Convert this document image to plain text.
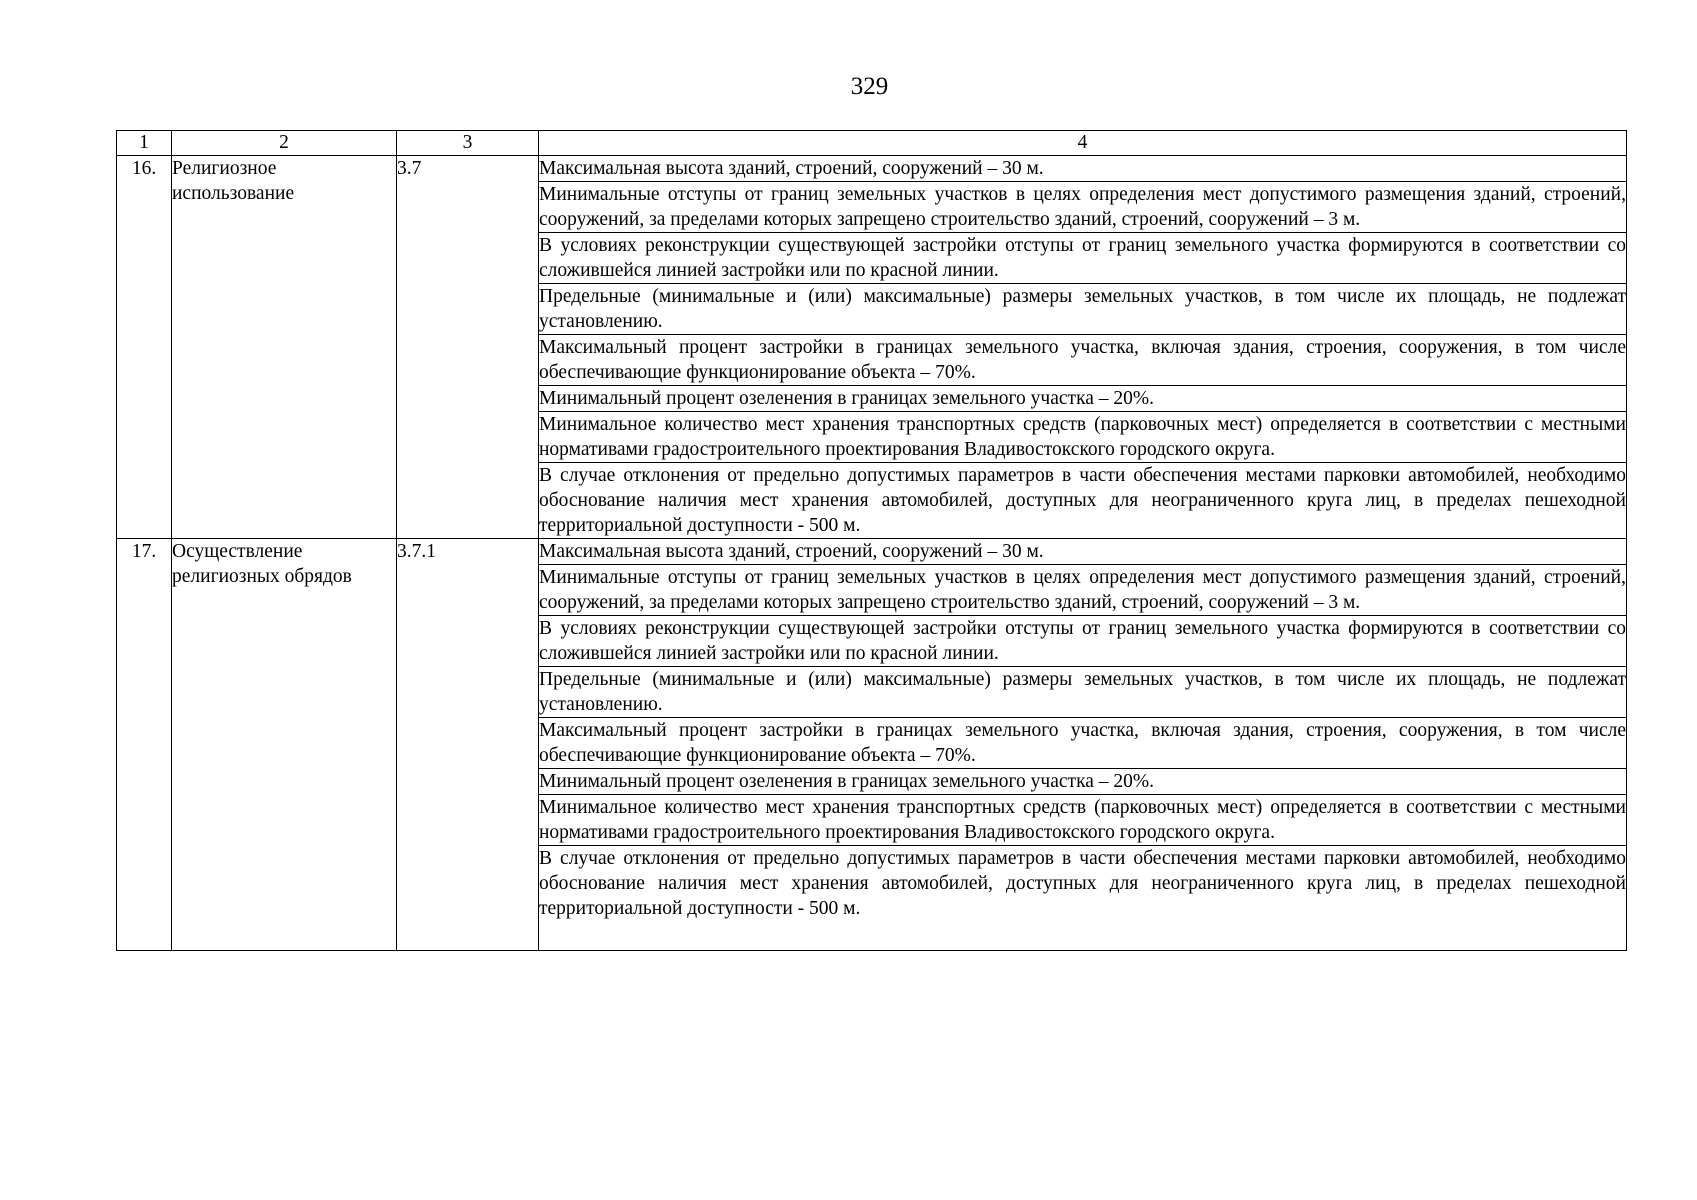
329
1	2	3	4
16.	Религиозное использование	3.7	Максимальная высота зданий, строений, сооружений – 30 м.
			Минимальные отступы от границ земельных участков в целях определения мест допустимого размещения зданий, строений, сооружений, за пределами которых запрещено строительство зданий, строений, сооружений – 3 м.
			В условиях реконструкции существующей застройки отступы от границ земельного участка формируются в соответствии со сложившейся линией застройки или по красной линии.
			Предельные (минимальные и (или) максимальные) размеры земельных участков, в том числе их площадь, не подлежат установлению.
			Максимальный процент застройки в границах земельного участка, включая здания, строения, сооружения, в том числе обеспечивающие функционирование объекта – 70%.
			Минимальный процент озеленения в границах земельного участка – 20%.
			Минимальное количество мест хранения транспортных средств (парковочных мест) определяется в соответствии с местными нормативами градостроительного проектирования Владивостокского городского округа.
			В случае отклонения от предельно допустимых параметров в части обеспечения местами парковки автомобилей, необходимо обоснование наличия мест хранения автомобилей, доступных для неограниченного круга лиц, в пределах пешеходной территориальной доступности - 500 м.
17.	Осуществление религиозных обрядов	3.7.1	Максимальная высота зданий, строений, сооружений – 30 м.
			Минимальные отступы от границ земельных участков в целях определения мест допустимого размещения зданий, строений, сооружений, за пределами которых запрещено строительство зданий, строений, сооружений – 3 м.
			В условиях реконструкции существующей застройки отступы от границ земельного участка формируются в соответствии со сложившейся линией застройки или по красной линии.
			Предельные (минимальные и (или) максимальные) размеры земельных участков, в том числе их площадь, не подлежат установлению.
			Максимальный процент застройки в границах земельного участка, включая здания, строения, сооружения, в том числе обеспечивающие функционирование объекта – 70%.
			Минимальный процент озеленения в границах земельного участка – 20%.
			Минимальное количество мест хранения транспортных средств (парковочных мест) определяется в соответствии с местными нормативами градостроительного проектирования Владивостокского городского округа.
			В случае отклонения от предельно допустимых параметров в части обеспечения местами парковки автомобилей, необходимо обоснование наличия мест хранения автомобилей, доступных для неограниченного круга лиц, в пределах пешеходной территориальной доступности - 500 м.
